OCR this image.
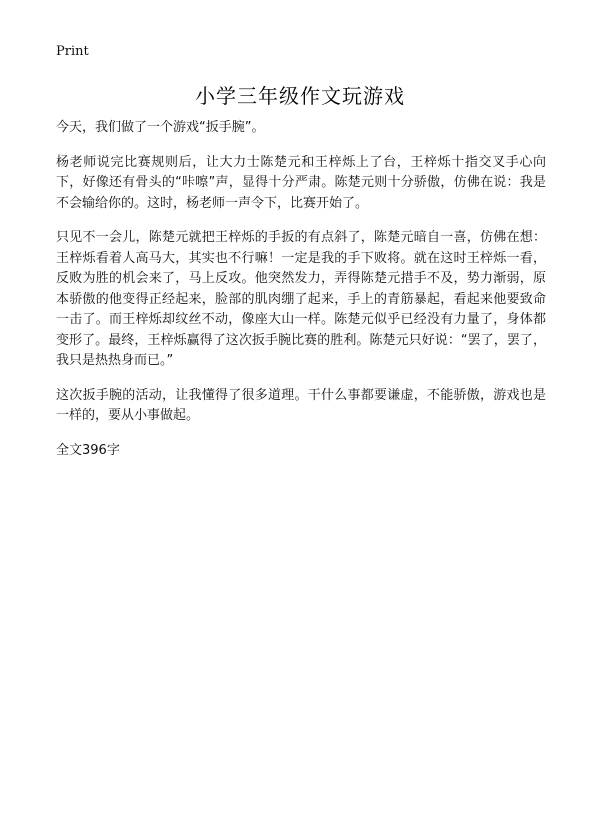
Print
小学三年级作文玩游戏

今天，我们做了一个游戏“扳手腕”。

杨老师说完比赛规则后，让大力士陈楚元和王梓烁上了台，王梓烁十指交叉手心向下，好像还有骨头的“咔嚓”声，显得十分严肃。陈楚元则十分骄傲，仿佛在说：我是不会输给你的。这时，杨老师一声令下，比赛开始了。

只见不一会儿，陈楚元就把王梓烁的手扳的有点斜了，陈楚元暗自一喜，仿佛在想：王梓烁看着人高马大，其实也不行嘛！一定是我的手下败将。就在这时王梓烁一看，反败为胜的机会来了，马上反攻。他突然发力，弄得陈楚元措手不及，势力渐弱，原本骄傲的他变得正经起来，脸部的肌肉绷了起来，手上的青筋暴起，看起来他要致命一击了。而王梓烁却纹丝不动，像座大山一样。陈楚元似乎已经没有力量了，身体都变形了。最终，王梓烁赢得了这次扳手腕比赛的胜利。陈楚元只好说：“罢了，罢了，我只是热热身而已。”

这次扳手腕的活动，让我懂得了很多道理。干什么事都要谦虚，不能骄傲，游戏也是一样的，要从小事做起。

全文396字
